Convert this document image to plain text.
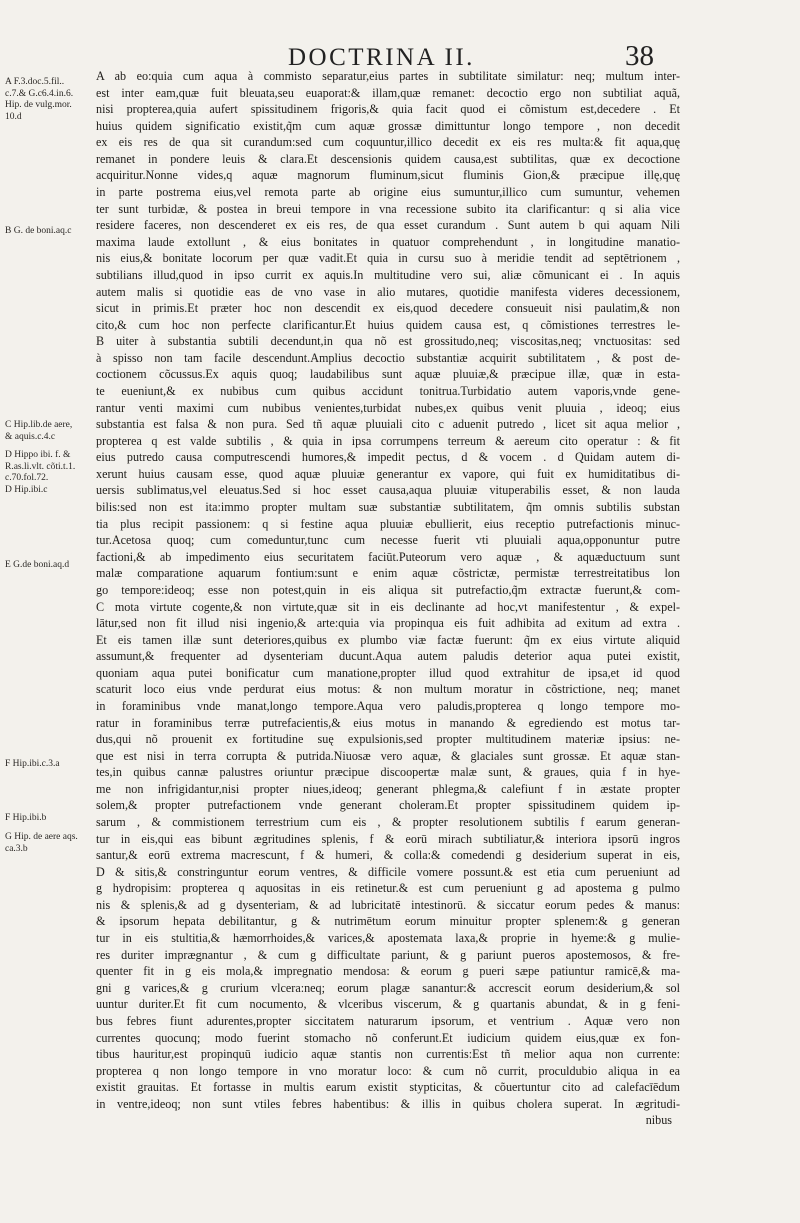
DOCTRINA II.	38
A F.3.doc.5.fil..
c.7.& G.c6.4.in.6.
Hip. de vulg.mor.
10.d
B G. de boni.aq.c
C Hip.lib.de aere,
& aquis.c.4.c
D Hippo ibi. f. &
R.as.li.vlt. cõti.t.1.
c.70.fol.72.
D Hip.ibi.c
E G.de boni.aq.d
F Hip.ibi.c.3.a
F Hip.ibi.b
G Hip. de aere aqs.
ca.3.b
A ab eo:quia cum aqua à commisto separatur,eius partes in subtilitate similatur: neq; multum inter-
est inter eam,quæ fuit bleuata,seu euaporat:& illam,quæ remanet: decoctio ergo non subtiliat aquã,
nisi propterea,quia aufert spissitudinem frigoris,& quia facit quod ei cõmistum est,decedere . Et
huius quidem significatio existit,q̃m cum aquæ grossæ dimittuntur longo tempore , non decedit
ex eis res de qua sit curandum:sed cum coquuntur,illico decedit ex eis res multa:& fit aqua,quę
remanet in pondere leuis & clara.Et descensionis quidem causa,est subtilitas, quæ ex decoctione
acquiritur.Nonne vides,q aquæ magnorum fluminum,sicut fluminis Gion,& præcipue illę,quę
in parte postrema eius,vel remota parte ab origine eius sumuntur,illico cum sumuntur, vehemen
ter sunt turbidæ, & postea in breui tempore in vna recessione subito ita clarificantur: q si alia vice
residere faceres, non descenderet ex eis res, de qua esset curandum . Sunt autem b qui aquam Nili
maxima laude extollunt , & eius bonitates in quatuor comprehendunt , in longitudine manatio-
nis eius,& bonitate locorum per quæ vadit.Et quia in cursu suo à meridie tendit ad septētrionem ,
subtilians illud,quod in ipso currit ex aquis.In multitudine vero sui, aliæ cõmunicant ei . In aquis
autem malis si quotidie eas de vno vase in alio mutares, quotidie manifesta videres decessionem,
sicut in primis.Et præter hoc non descendit ex eis,quod decedere consueuit nisi paulatim,& non
cito,& cum hoc non perfecte clarificantur.Et huius quidem causa est, q cõmistiones terrestres le-
B uiter à substantia subtili decendunt,in qua nõ est grossitudo,neq; viscositas,neq; vnctuositas: sed
à spisso non tam facile descendunt.Amplius decoctio substantiæ acquirit subtilitatem , & post de-
coctionem cõcussus.Ex aquis quoq; laudabilibus sunt aquæ pluuiæ,& præcipue illæ, quæ in esta-
te eueniunt,& ex nubibus cum quibus accidunt tonitrua.Turbidatio autem vaporis,vnde gene-
rantur venti maximi cum nubibus venientes,turbidat nubes,ex quibus venit pluuia , ideoq; eius
substantia est falsa & non pura. Sed tñ aquæ pluuiali cito c aduenit putredo , licet sit aqua melior ,
propterea q est valde subtilis , & quia in ipsa corrumpens terreum & aereum cito operatur : & fit
eius putredo causa computrescendi humores,& impedit pectus, d & vocem . d Quidam autem di-
xerunt huius causam esse, quod aquæ pluuiæ generantur ex vapore, qui fuit ex humiditatibus di-
uersis sublimatus,vel eleuatus.Sed si hoc esset causa,aqua pluuiæ vituperabilis esset, & non lauda
bilis:sed non est ita:immo propter multam suæ substantiæ subtilitatem, q̃m omnis subtilis substan
tia plus recipit passionem: q si festine aqua pluuiæ ebullierit, eius receptio putrefactionis minuc-
tur.Acetosa quoq; cum comeduntur,tunc cum necesse fuerit vti pluuiali aqua,opponuntur putre
factioni,& ab impedimento eius securitatem faciūt.Puteorum vero aquæ , & aquæductuum sunt
malæ comparatione aquarum fontium:sunt e enim aquæ cõstrictæ, permistæ terrestreitatibus lon
go tempore:ideoq; esse non potest,quin in eis aliqua sit putrefactio,q̃m extractæ fuerunt,& com-
C mota virtute cogente,& non virtute,quæ sit in eis declinante ad hoc,vt manifestentur , & expel-
lātur,sed non fit illud nisi ingenio,& arte:quia via propinqua eis fuit adhibita ad exitum ad extra .
Et eis tamen illæ sunt deteriores,quibus ex plumbo viæ factæ fuerunt: q̃m ex eius virtute aliquid
assumunt,& frequenter ad dysenteriam ducunt.Aqua autem paludis deterior aqua putei existit,
quoniam aqua putei bonificatur cum manatione,propter illud quod extrahitur de ipsa,et id quod
scaturit loco eius vnde perdurat eius motus: & non multum moratur in cõstrictione, neq; manet
in foraminibus vnde manat,longo tempore.Aqua vero paludis,propterea q longo tempore mo-
ratur in foraminibus terræ putrefacientis,& eius motus in manando & egrediendo est motus tar-
dus,qui nõ prouenit ex fortitudine suę expulsionis,sed propter multitudinem materiæ ipsius: ne-
que est nisi in terra corrupta & putrida.Niuosæ vero aquæ, & glaciales sunt grossæ. Et aquæ stan-
tes,in quibus cannæ palustres oriuntur præcipue discoopertæ malæ sunt, & graues, quia f in hye-
me non infrigidantur,nisi propter niues,ideoq; generant phlegma,& calefiunt f in æstate propter
solem,& propter putrefactionem vnde generant choleram.Et propter spissitudinem quidem ip-
sarum , & commistionem terrestrium cum eis , & propter resolutionem subtilis f earum generan-
tur in eis,qui eas bibunt ægritudines splenis, f & eorū mirach subtiliatur,& interiora ipsorū ingros
santur,& eorū extrema macrescunt, f & humeri, & colla:& comedendi g desiderium superat in eis,
D & sitis,& constringuntur eorum ventres, & difficile vomere possunt.& est etia cum perueniunt ad
g hydropisim: propterea q aquositas in eis retinetur.& est cum perueniunt g ad apostema g pulmo
nis & splenis,& ad g dysenteriam, & ad lubricitatē intestinorū. & siccatur eorum pedes & manus:
& ipsorum hepata debilitantur, g & nutrimētum eorum minuitur propter splenem:& g generan
tur in eis stultitia,& hæmorrhoides,& varices,& apostemata laxa,& proprie in hyeme:& g mulie-
res duriter imprægnantur , & cum g difficultate pariunt, & g pariunt pueros apostemosos, & fre-
quenter fit in g eis mola,& impregnatio mendosa: & eorum g pueri sæpe patiuntur ramicē,& ma-
gni g varices,& g crurium vlcera:neq; eorum plagæ sanantur:& accrescit eorum desiderium,& sol
uuntur duriter.Et fit cum nocumento, & vlceribus viscerum, & g quartanis abundat, & in g feni-
bus febres fiunt adurentes,propter siccitatem naturarum ipsorum, et ventrium . Aquæ vero non
currentes quocunq; modo fuerint stomacho nõ conferunt.Et iudicium quidem eius,quæ ex fon-
tibus hauritur,est propinquū iudicio aquæ stantis non currentis:Est tñ melior aqua non currente:
propterea q non longo tempore in vno moratur loco: & cum nõ currit, proculdubio aliqua in ea
existit grauitas. Et fortasse in multis earum existit stypticitas, & cõuertuntur cito ad calefacīēdum
in ventre,ideoq; non sunt vtiles febres habentibus: & illis in quibus cholera superat. In ægritudi-
nibus
